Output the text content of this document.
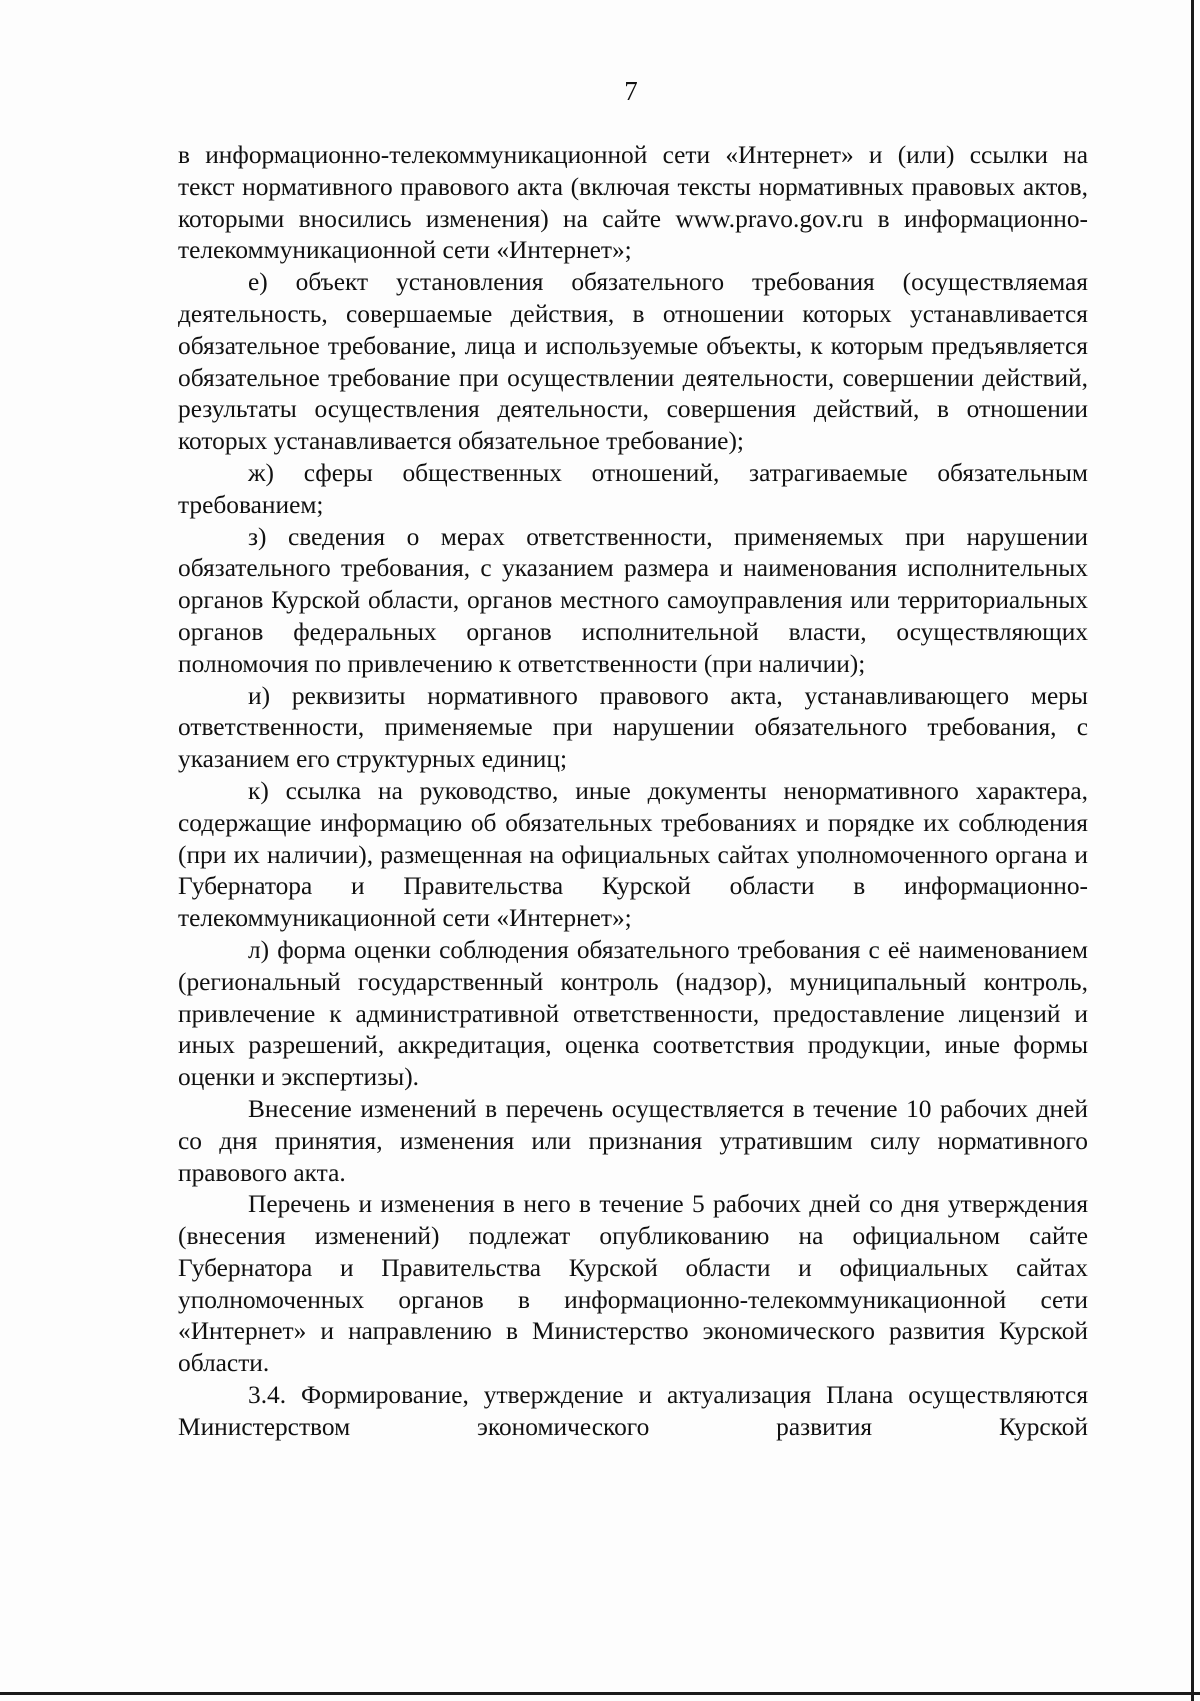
7

в информационно-телекоммуникационной сети «Интернет» и (или) ссылки на текст нормативного правового акта (включая тексты нормативных правовых актов, которыми вносились изменения) на сайте www.pravo.gov.ru в информационно-телекоммуникационной сети «Интернет»;

е) объект установления обязательного требования (осуществляемая деятельность, совершаемые действия, в отношении которых устанавливается обязательное требование, лица и используемые объекты, к которым предъявляется обязательное требование при осуществлении деятельности, совершении действий, результаты осуществления деятельности, совершения действий, в отношении которых устанавливается обязательное требование);

ж) сферы общественных отношений, затрагиваемые обязательным требованием;

з) сведения о мерах ответственности, применяемых при нарушении обязательного требования, с указанием размера и наименования исполнительных органов Курской области, органов местного самоуправления или территориальных органов федеральных органов исполнительной власти, осуществляющих полномочия по привлечению к ответственности (при наличии);

и) реквизиты нормативного правового акта, устанавливающего меры ответственности, применяемые при нарушении обязательного требования, с указанием его структурных единиц;

к) ссылка на руководство, иные документы ненормативного характера, содержащие информацию об обязательных требованиях и порядке их соблюдения (при их наличии), размещенная на официальных сайтах уполномоченного органа и Губернатора и Правительства Курской области в информационно-телекоммуникационной сети «Интернет»;

л) форма оценки соблюдения обязательного требования с её наименованием (региональный государственный контроль (надзор), муниципальный контроль, привлечение к административной ответственности, предоставление лицензий и иных разрешений, аккредитация, оценка соответствия продукции, иные формы оценки и экспертизы).

Внесение изменений в перечень осуществляется в течение 10 рабочих дней со дня принятия, изменения или признания утратившим силу нормативного правового акта.

Перечень и изменения в него в течение 5 рабочих дней со дня утверждения (внесения изменений) подлежат опубликованию на официальном сайте Губернатора и Правительства Курской области и официальных сайтах уполномоченных органов в информационно-телекоммуникационной сети «Интернет» и направлению в Министерство экономического развития Курской области.

3.4. Формирование, утверждение и актуализация Плана осуществляются Министерством экономического развития Курской
